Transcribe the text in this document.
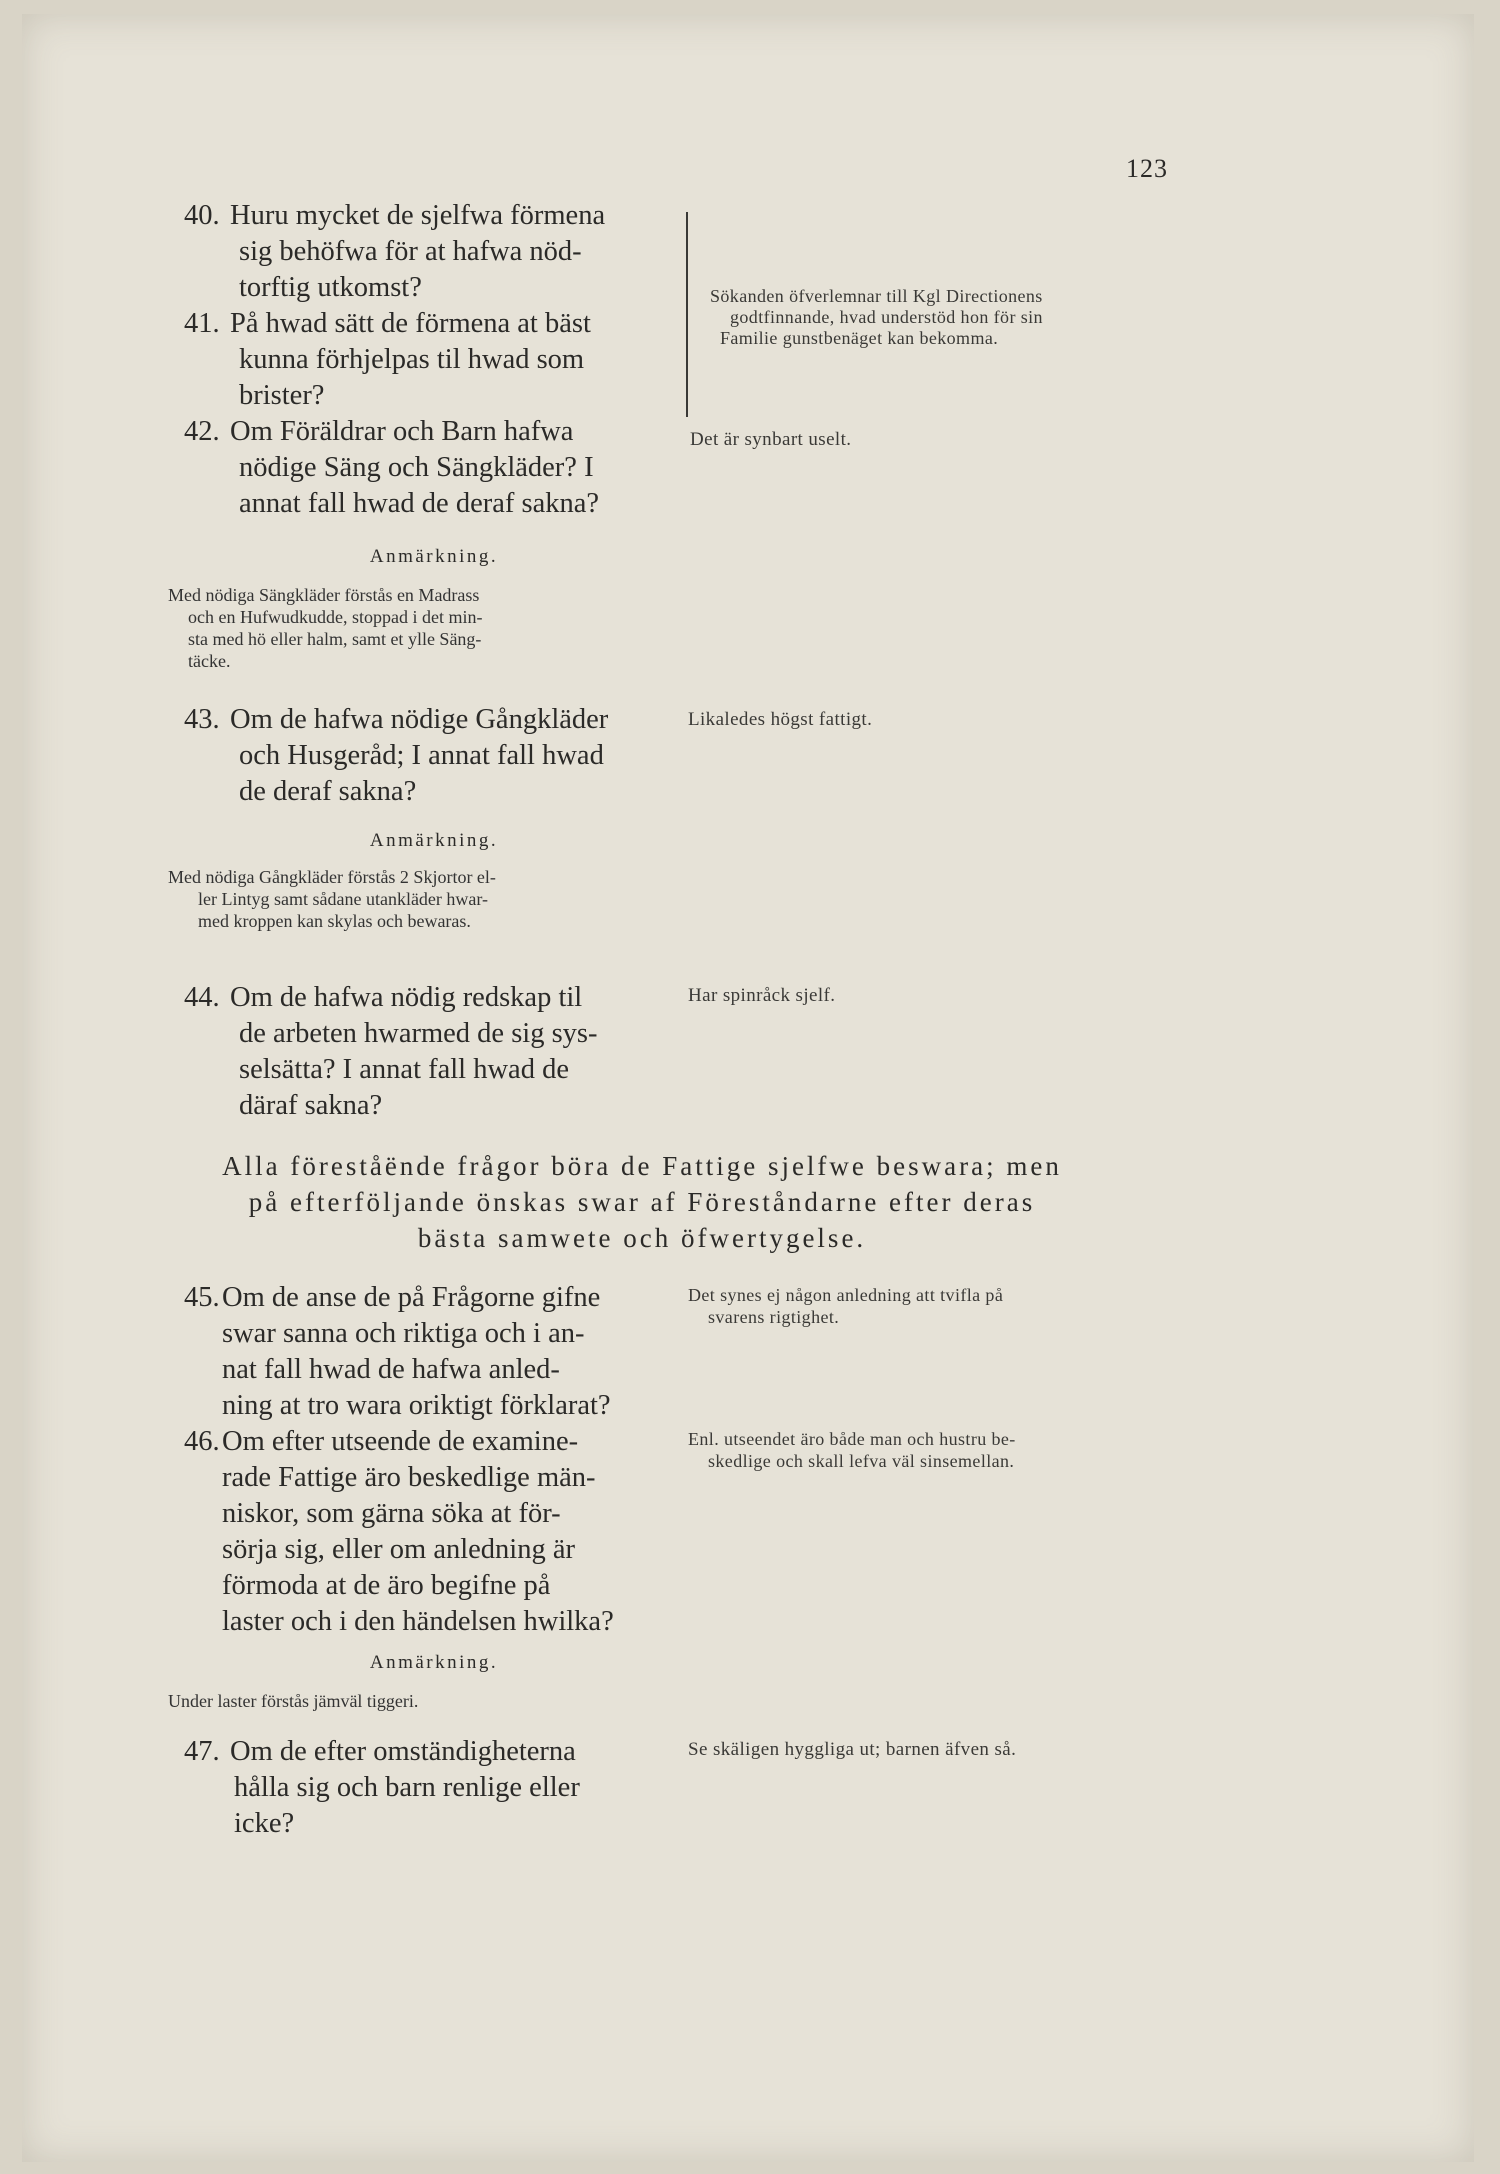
123
40. Huru mycket de sjelfwa förmena
sig behöfwa för at hafwa nöd-
torftig utkomst?
41. På hwad sätt de förmena at bäst
kunna förhjelpas til hwad som
brister?
42. Om Föräldrar och Barn hafwa
nödige Säng och Sängkläder? I
annat fall hwad de deraf sakna?
Sökanden öfverlemnar till Kgl Directionens
godtfinnande, hvad understöd hon för sin
Familie gunstbenäget kan bekomma.
Det är synbart uselt.
Anmärkning.
Med nödiga Sängkläder förstås en Madrass
och en Hufwudkudde, stoppad i det min-
sta med hö eller halm, samt et ylle Säng-
täcke.
43. Om de hafwa nödige Gångkläder
och Husgeråd; I annat fall hwad
de deraf sakna?
Likaledes högst fattigt.
Anmärkning.
Med nödiga Gångkläder förstås 2 Skjortor el-
ler Lintyg samt sådane utankläder hwar-
med kroppen kan skylas och bewaras.
44. Om de hafwa nödig redskap til
de arbeten hwarmed de sig sys-
selsätta? I annat fall hwad de
däraf sakna?
Har spinråck sjelf.
Alla föreståënde frågor böra de Fattige sjelfwe beswara; men
på efterföljande önskas swar af Föreståndarne efter deras
bästa samwete och öfwertygelse.
45. Om de anse de på Frågorne gifne
swar sanna och riktiga och i an-
nat fall hwad de hafwa anled-
ning at tro wara oriktigt förklarat?
Det synes ej någon anledning att tvifla på
svarens rigtighet.
46. Om efter utseende de examine-
rade Fattige äro beskedlige män-
niskor, som gärna söka at för-
sörja sig, eller om anledning är
förmoda at de äro begifne på
laster och i den händelsen hwilka?
Enl. utseendet äro både man och hustru be-
skedlige och skall lefva väl sinsemellan.
Anmärkning.
Under laster förstås jämväl tiggeri.
47. Om de efter omständigheterna
hålla sig och barn renlige eller
icke?
Se skäligen hyggliga ut; barnen äfven så.
